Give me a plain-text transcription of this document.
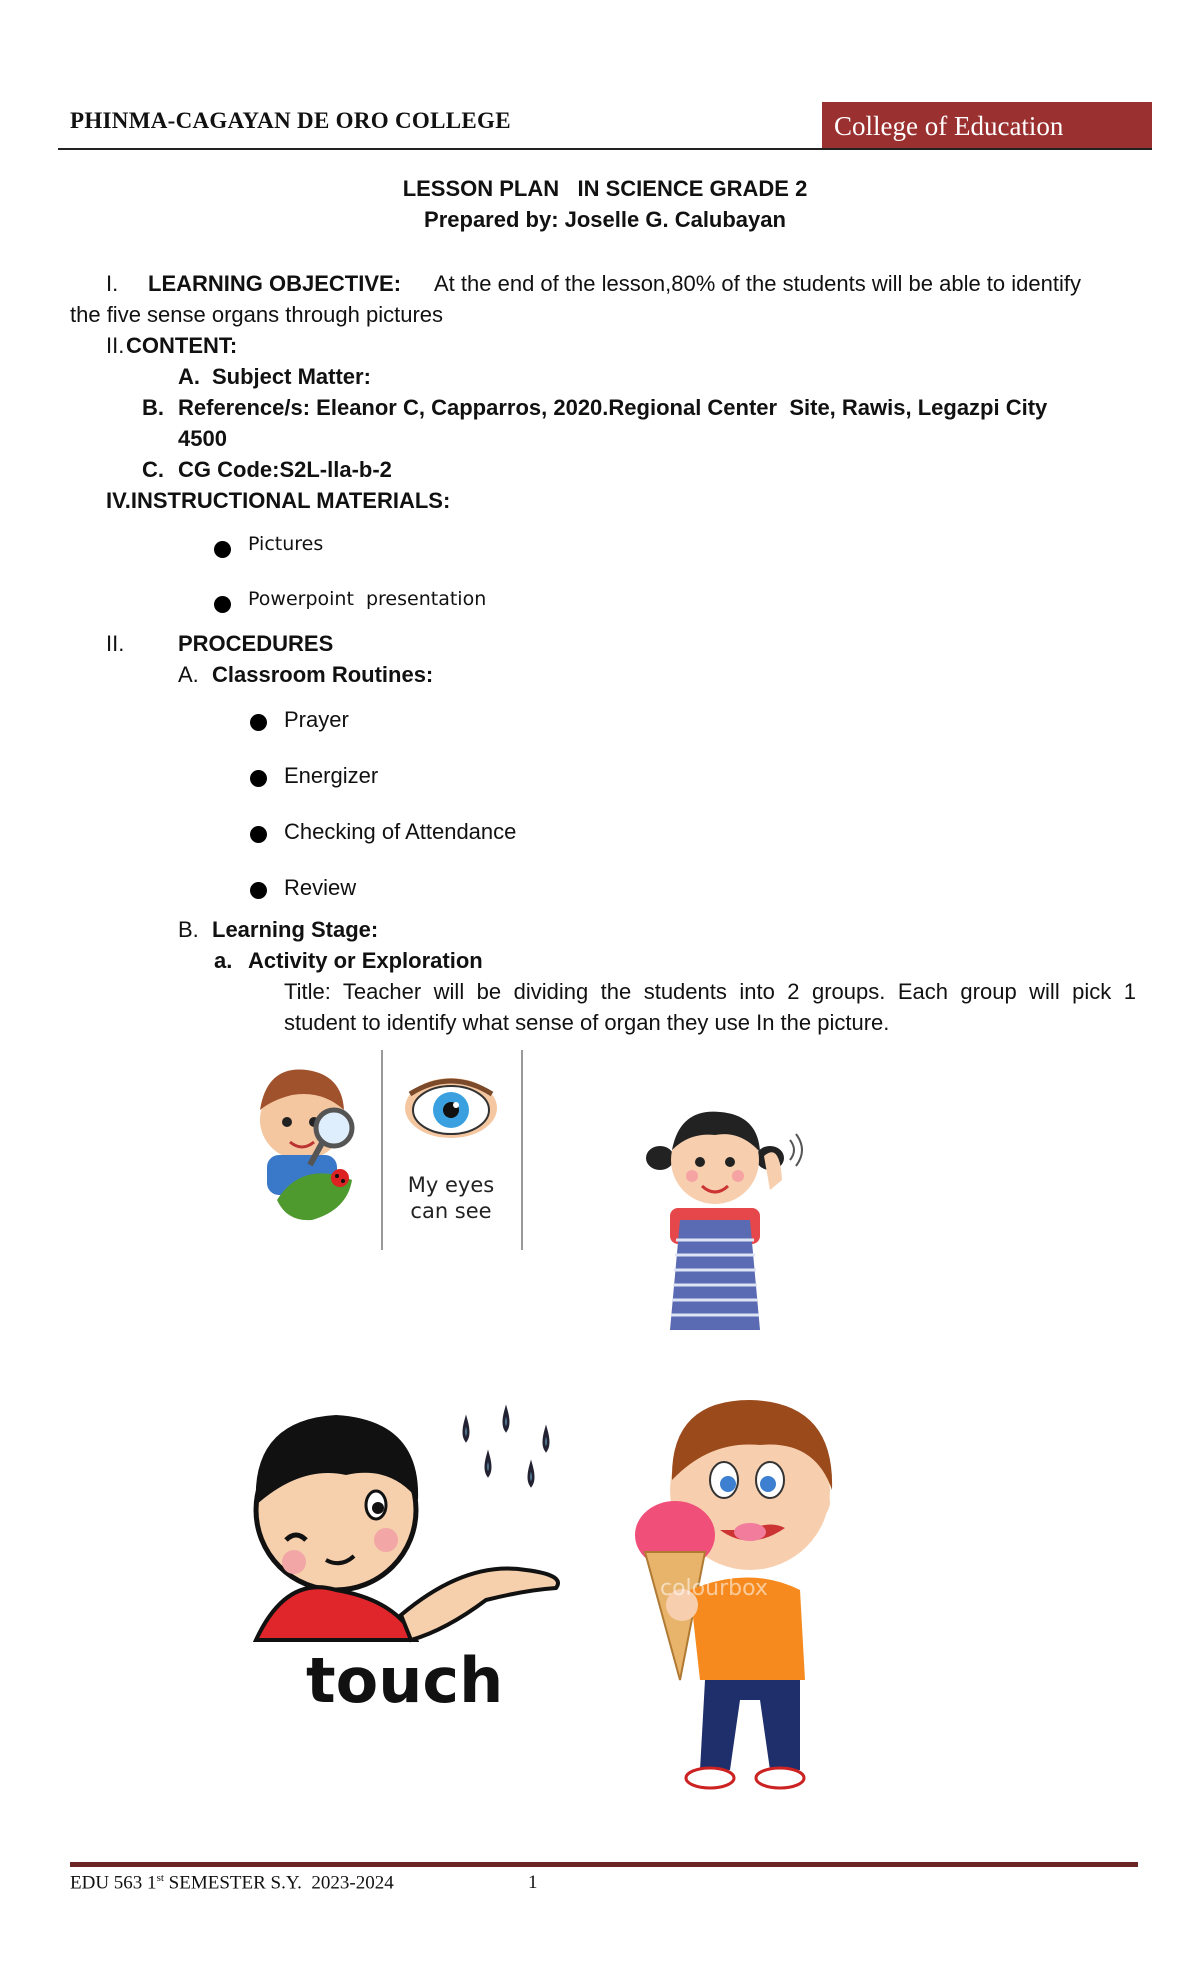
PHINMA-CAGAYAN DE ORO COLLEGE	College of Education
LESSON PLAN   IN SCIENCE GRADE 2
Prepared by: Joselle G. Calubayan
I. LEARNING OBJECTIVE: At the end of the lesson,80% of the students will be able to identify
the five sense organs through pictures
II. CONTENT:
A. Subject Matter:
B. Reference/s: Eleanor C, Capparros, 2020.Regional Center  Site, Rawis, Legazpi City
4500
C. CG Code:S2L-lla-b-2
IV.INSTRUCTIONAL MATERIALS:
Pictures
Powerpoint  presentation
II. PROCEDURES
A. Classroom Routines:
Prayer
Energizer
Checking of Attendance
Review
B. Learning Stage:
a. Activity or Exploration
Title: Teacher will be dividing the students into 2 groups. Each group will pick 1
student to identify what sense of organ they use In the picture.
My eyes
can see
touch
colourbox
EDU 563 1st SEMESTER S.Y.  2023-2024	1
